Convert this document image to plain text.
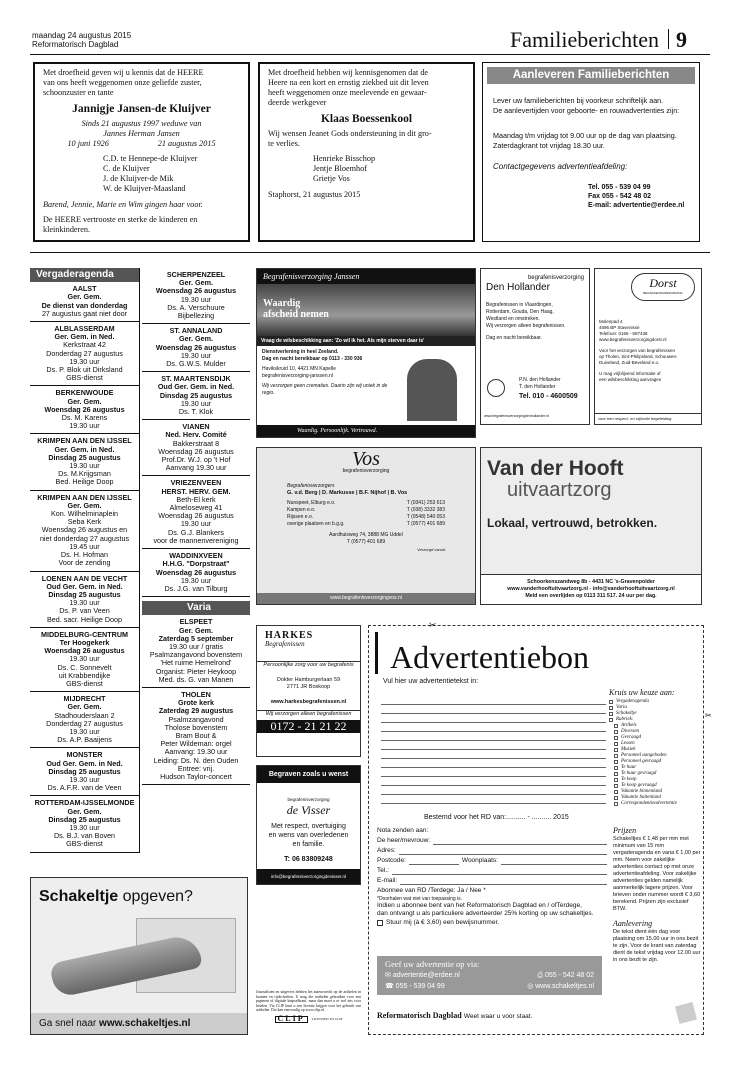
maandag 24 augustus 2015
Reformatorisch Dagblad	Familieberichten 9
Met droefheid geven wij u kennis dat de HEERE
van ons heeft weggenomen onze geliefde zuster,
schoonzuster en tante
Jannigje Jansen-de Kluijver
Sinds 21 augustus 1997 weduwe van
Jannes Herman Jansen
10 juni 1926	21 augustus 2015
C.D. te Hennepe-de Kluijver
C. de Kluijver
J. de Kluijver-de Mik
W. de Kluijver-Maasland
Barend, Jennie, Marie en Wim gingen haar voor.
De HEERE vertrooste en sterke de kinderen en
kleinkinderen.
Met droefheid hebben wij kennisgenomen dat de
Heere na een kort en ernstig ziekbed uit dit leven
heeft weggenomen onze meelevende en gewaar-
deerde werkgever
Klaas Boessenkool
Wij wensen Jeanet Gods ondersteuning in dit gro-
te verlies.
Henrieke Bisschop
Jentje Bloemhof
Grietje Vos
Staphorst, 21 augustus 2015
Aanleveren Familieberichten

Lever uw familieberichten bij voorkeur schriftelijk aan.

De aanlevertijden voor geboorte- en rouwadvertenties zijn:

Maandag t/m vrijdag tot 9.00 uur op de dag van plaatsing.

Zaterdagkrant tot vrijdag 18.30 uur.

Contactgegevens advertentieafdeling:

Tel. 055 - 539 04 99
Fax 055 - 542 48 02
E-mail: advertentie@erdee.nl
Vergaderagenda
AALST
Ger. Gem.
De dienst van donderdag
27 augustus gaat niet door
ALBLASSERDAM
Ger. Gem. in Ned.
Kerkstraat 42
Donderdag 27 augustus
19.30 uur
Ds. P. Blok uit Dirksland
GBS-dienst
BERKENWOUDE
Ger. Gem.
Woensdag 26 augustus
Ds. M. Karens
19.30 uur
KRIMPEN AAN DEN IJSSEL
Ger. Gem. in Ned.
Dinsdag 25 augustus
19.30 uur
Ds. M.Krijgsman
Bed. Heilige Doop
KRIMPEN AAN DEN IJSSEL
Ger. Gem.
Kon. Wilhelminaplein
Seba Kerk
Woensdag 26 augustus en
niet donderdag 27 augustus
19.45 uur
Ds. H. Hofman
Voor de zending
LOENEN AAN DE VECHT
Oud Ger. Gem. in Ned.
Dinsdag 25 augustus
19.30 uur
Ds. P. van Veen
Bed. sacr. Heilige Doop
MIDDELBURG-CENTRUM
Ter Hoogekerk
Woensdag 26 augustus
19.30 uur
Ds. C. Sonnevelt
uit Krabbendijke
GBS-dienst
MIJDRECHT
Ger. Gem.
Stadhouderslaan 2
Donderdag 27 augustus
19.30 uur
Ds. A.P. Baaijens
MONSTER
Oud Ger. Gem. in Ned.
Dinsdag 25 augustus
19.30 uur
Ds. A.F.R. van de Veen
ROTTERDAM-IJSSELMONDE
Ger. Gem.
Dinsdag 25 augustus
19.30 uur
Ds. B.J. van Boven
GBS-dienst
SCHERPENZEEL
Ger. Gem.
Woensdag 26 augustus
19.30 uur
Ds. A. Verschuure
Bijbellezing
ST. ANNALAND
Ger. Gem.
Woensdag 26 augustus
19.30 uur
Ds. G.W.S. Mulder
ST. MAARTENSDIJK
Oud Ger. Gem. in Ned.
Dinsdag 25 augustus
19.30 uur
Ds. T. Klok
VIANEN
Ned. Herv. Comité
Bakkerstraat 8
Woensdag 26 augustus
Prof.Dr. W.J. op 't Hof
Aanvang 19.30 uur
VRIEZENVEEN
HERST. HERV. GEM.
Beth-El kerk
Almeloseweg 41
Woensdag 26 augustus
19.30 uur
Ds. G.J. Blankers
voor de mannenvereniging
WADDINXVEEN
H.H.G. "Dorpstraat"
Woensdag 26 augustus
19.30 uur
Ds. J.G. van Tilburg
Varia
ELSPEET
Ger. Gem.
Zaterdag 5 september
19.30 uur / gratis
Psalmzangavond bovenstem
'Het ruime Hemelrond'
Organist: Pieter Heykoop
Med. ds. G. van Manen
THOLEN
Grote kerk
Zaterdag 29 augustus
Psalmzangavond
Tholose bovenstem
Bram Bout &
Peter Wildeman: orgel
Aanvang: 19.30 uur
Leiding: Ds. N. den Ouden
Entree: vrij.
Hudson Taylor-concert
Begrafenisverzorging Janssen
Waardig
afscheid nemen
Vraag de wilsbeschikking aan: 'Zo wil ik het. Als mijn sterven daar is'
Dienstverlening in heel Zeeland.
Dag en nacht bereikbaar op 0113 - 330 936
Havikskruid 10, 4421 MN Kapelle
begrafenisverzorging-janssen.nl
Wij verzorgen geen crematies. Daarin zijn wij uniek in de regio.
Waardig. Persoonlijk. Vertrouwd.
begrafenisverzorging
Den Hollander
Begrafenissen in Vlaardingen,
Rotterdam, Gouda, Den Haag,
Westland en omstreken.
Wij verzorgen alleen begrafenissen.
Dag en nacht bereikbaar.
P.N. den Hollander
T. den Hollander
Tel. 010 - 4600509
www.begrafenisverzorgingdenhollander.nl
Dorst
BEGRAFENISVERZORGING
Molenpad 4
4696 BP Stavenisse
Telefoon: 0166 - 697438
www.begrafenisverzorgingdorst.nl
Voor het verzorgen van begrafenissen
op Tholen, Sint-Philipsland, Schouwen-
Duiveland, Zuid-Beveland e.o.
U mag vrijblijvend informatie of
een wilsbeschikking aanvragen
voor een respect- en stijlvolle begeleiding
Vos
begrafenisverzorging
Begrafenisverzorgers
G. v.d. Berg | D. Markusse | B.F. Nijhof | B. Vos
Nunspeet, Elburg e.o.	T (0341) 253 613
Kampen e.o.	T (038) 3332 383
Rijssen e.o.	T (0548) 540 053
overige plaatsen en b.g.g.	T (0577) 401 689
Aardhuisweg 74, 3888 MG Uddel
T (0577) 401 689
Verzorgd vanuit
www.begrafenisverzorgingvos.nl
Van der Hooft
uitvaartzorg
Lokaal, vertrouwd, betrokken.
Schoorkenszandweg 8b - 4431 NC 's-Gravenpolder
www.vanderhooftuitvaartzorg.nl - info@vanderhooftuitvaartzorg.nl
Meld een overlijden op 0113 311 517. 24 uur per dag.
HARKES
Begrafenissen
Persoonlijke zorg voor uw begrafenis
Dokter Hamburgerlaan 59
2771 JR Boskoop
www.harkesbegrafenissen.nl
Wij verzorgen alleen begrafenissen
0172 - 21 21 22
Begraven zoals u wenst
begrafenisverzorging
de Visser
Met respect, overtuiging
en wens van overledenen
en familie.
T: 06 83809248
info@begrafenisverzorgingdevisser.nl
Journalisten en uitgevers hebben het auteursrecht op de artikelen in kranten en tijdschriften. U mag die artikelen gebruiken voor een papieren of digitale knipselkrant, maar dan moet u er wel iets voor betalen. Via CLIP kunt u een licentie krijgen voor het gebruik van artikelen. Dat kan eenvoudig op www.clip.nl.
CLIP	LICENSED TO CLIP
Schakeltje opgeven?
Ga snel naar www.schakeltjes.nl
✂
Advertentiebon
Vul hier uw advertentietekst in:
Kruis uw keuze aan:
Vergaderagenda
Varia
Schakeltje
Rubriek:
Artikels
Diversen
Gevraagd
Lessen
Muziek
Personeel aangeboden
Personeel gevraagd
Te huur
Te huur gevraagd
Te koop
Te koop gevraagd
Vakantie binnenland
Vakantie buitenland
Correspondentieadvertentie
✂
Bestemd voor het RD van:.......... - .......... 2015
Nota zenden aan:
De heer/mevrouw:
Adres:
Postcode:	Woonplaats:
Tel.:
E-mail:
Abonnee van RD /Terdege: Ja / Nee *
*Doorhalen wat niet van toepassing is.
Indien u abonnee bent van het Reformatorisch Dagblad en / ofTerdege,
dan ontvangt u als particuliere adverteerder 25% korting op uw schakeltjes.
Stuur mij (à € 3,60) een bewijsnummer.
Prijzen
Schakeltjes € 1,48 per mm met minimum van 15 mm vergaderagenda en varia € 1,00 per mm. Neem voor zakelijke advertenties contact op met onze advertentieafdeling. Voor zakelijke advertenties gelden namelijk aanmerkelijk lagere prijzen. Voor brieven onder nummer wordt € 3,60 berekend. Prijzen zijn exclusief BTW.
Aanlevering
De tekst dient één dag voor plaatsing om 15.00 uur in ons bezit te zijn. Voor de krant van zaterdag dient de tekst vrijdag voor 12.00 uur in ons bezit te zijn.
Geef uw advertentie op via:
✉ advertentie@erdee.nl	⎙ 055 - 542 48 02
☎ 055 - 539 04 99	◎ www.schakeltjes.nl
Reformatorisch Dagblad Weet waar u voor staat.
